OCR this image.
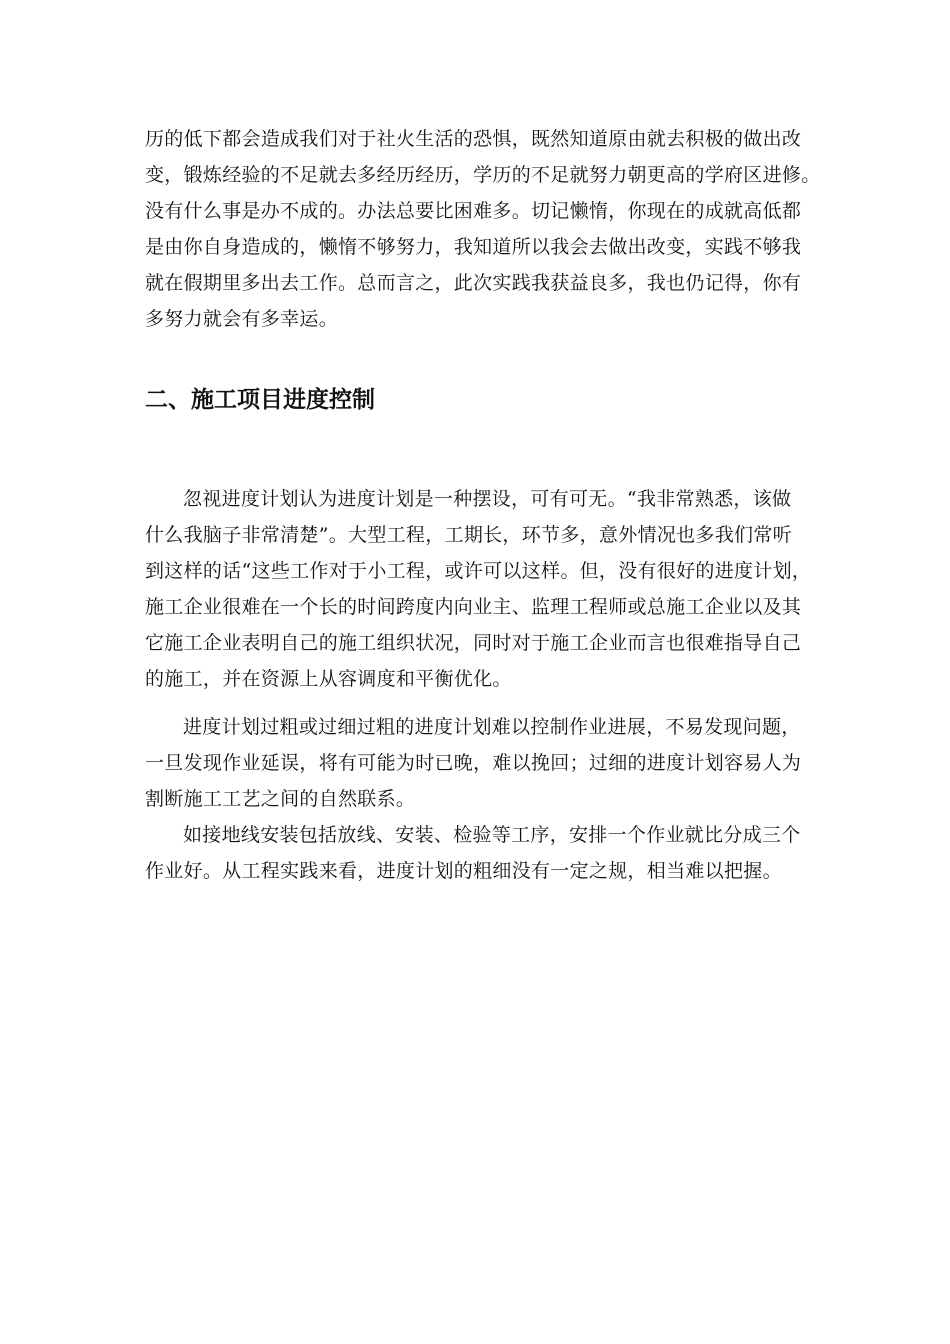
历的低下都会造成我们对于社火生活的恐惧，既然知道原由就去积极的做出改
变，锻炼经验的不足就去多经历经历，学历的不足就努力朝更高的学府区进修。
没有什么事是办不成的。办法总要比困难多。切记懒惰，你现在的成就高低都
是由你自身造成的，懒惰不够努力，我知道所以我会去做出改变，实践不够我
就在假期里多出去工作。总而言之，此次实践我获益良多，我也仍记得，你有
多努力就会有多幸运。
二、施工项目进度控制
忽视进度计划认为进度计划是一种摆设，可有可无。“我非常熟悉，该做
什么我脑子非常清楚”。大型工程，工期长，环节多，意外情况也多我们常听
到这样的话“这些工作对于小工程，或许可以这样。但，没有很好的进度计划，
施工企业很难在一个长的时间跨度内向业主、监理工程师或总施工企业以及其
它施工企业表明自己的施工组织状况，同时对于施工企业而言也很难指导自己
的施工，并在资源上从容调度和平衡优化。
进度计划过粗或过细过粗的进度计划难以控制作业进展，不易发现问题，
一旦发现作业延误，将有可能为时已晚，难以挽回；过细的进度计划容易人为
割断施工工艺之间的自然联系。
如接地线安装包括放线、安装、检验等工序，安排一个作业就比分成三个
作业好。从工程实践来看，进度计划的粗细没有一定之规，相当难以把握。
